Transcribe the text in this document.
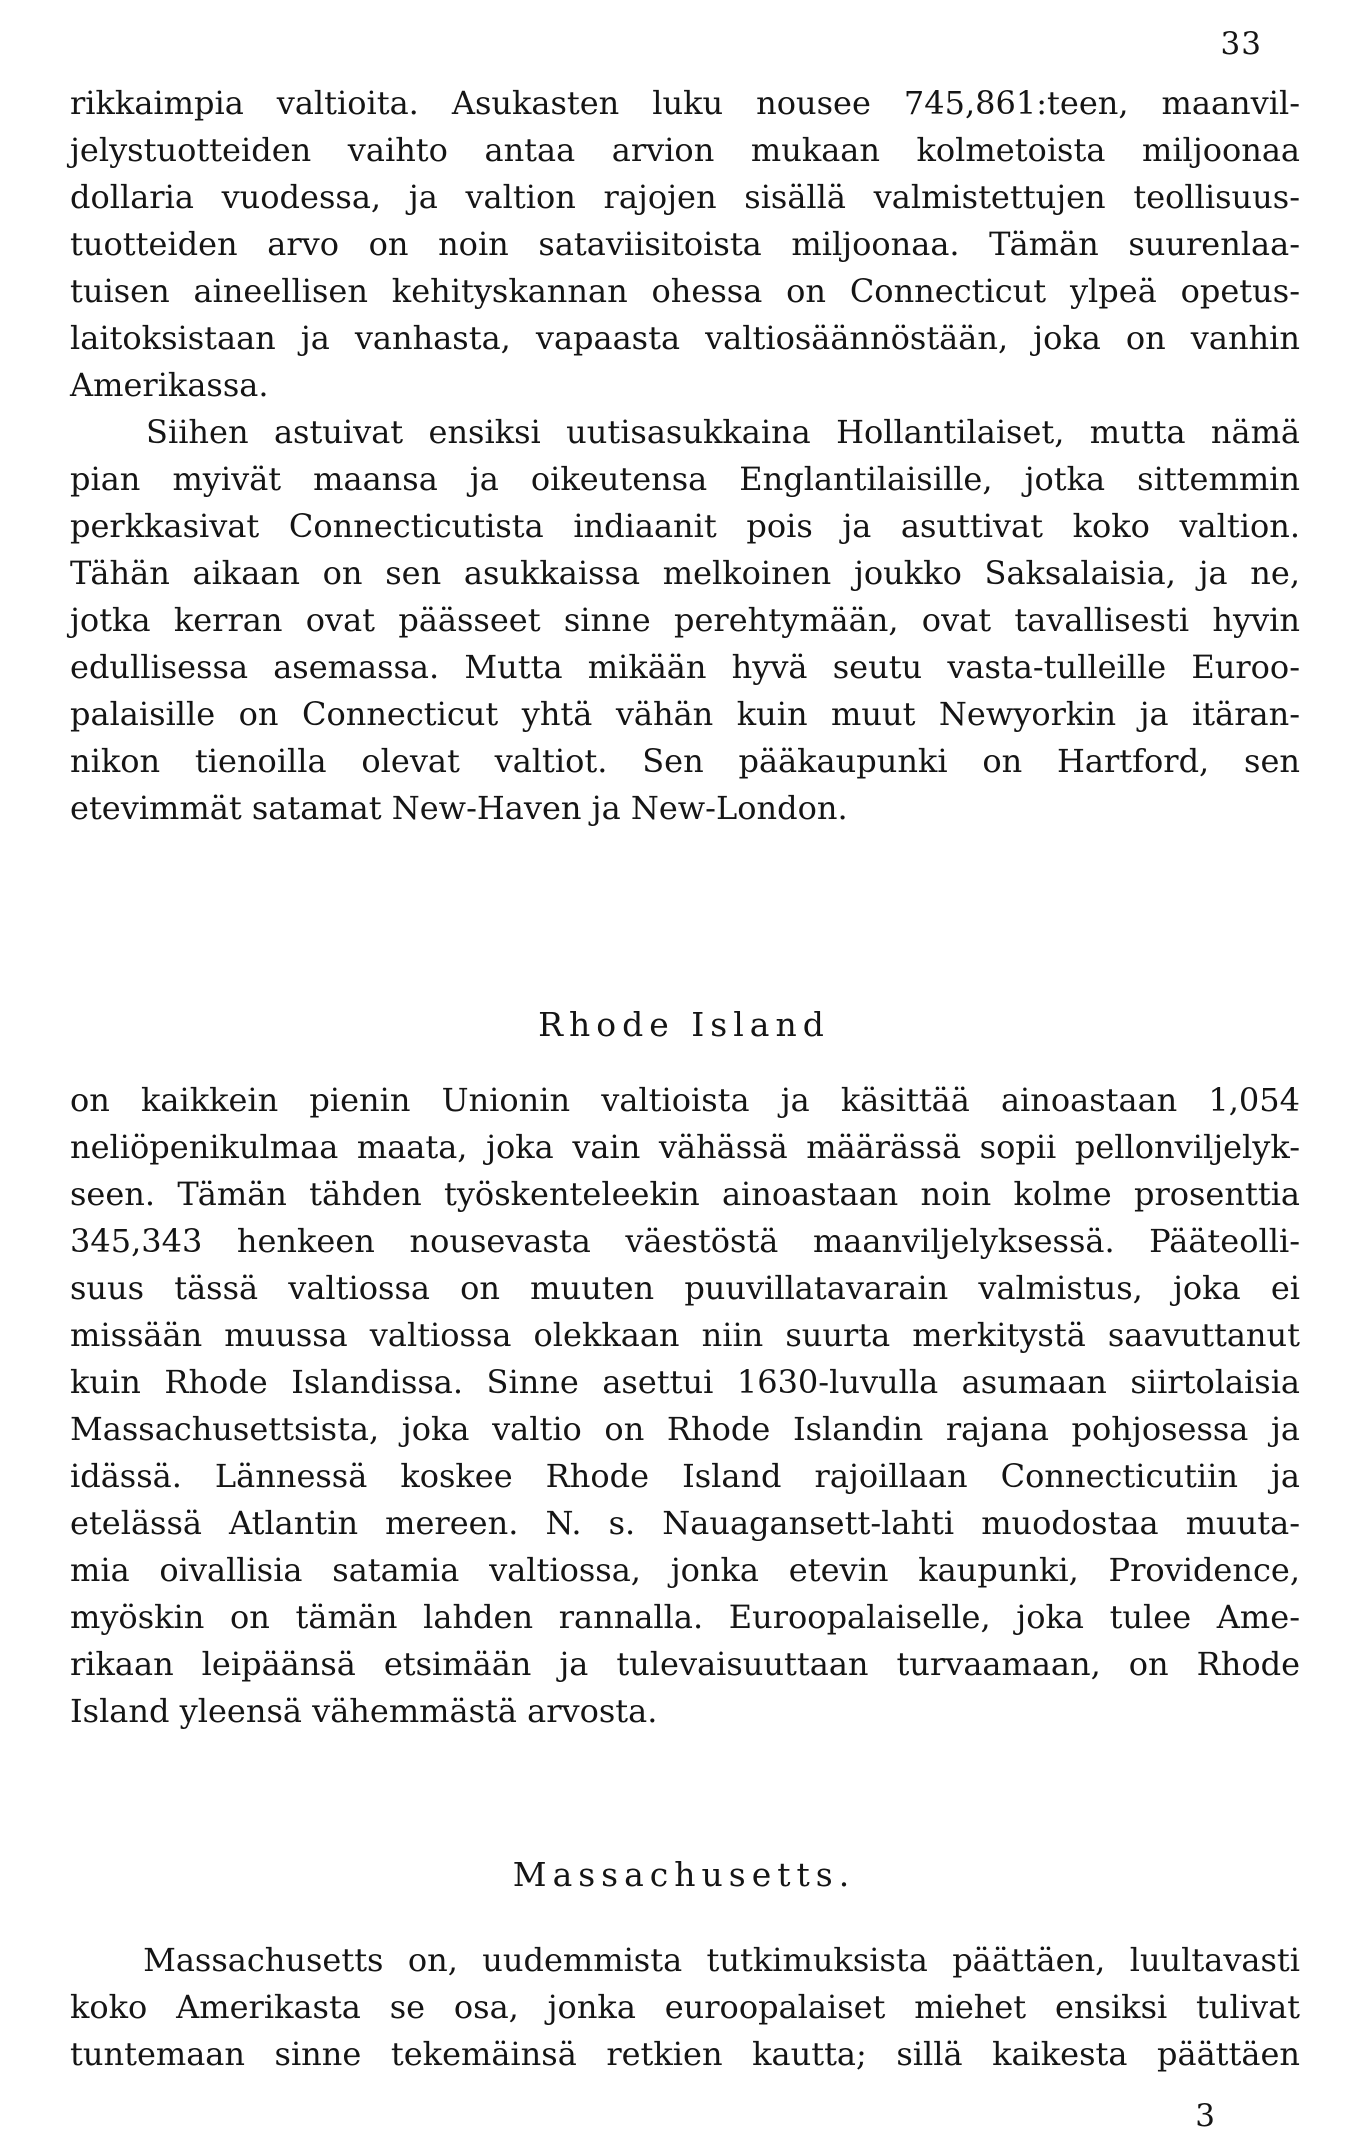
33
rikkaimpia valtioita. Asukasten luku nousee 745,861:teen, maanvil-
jelystuotteiden vaihto antaa arvion mukaan kolmetoista miljoonaa
dollaria vuodessa, ja valtion rajojen sisällä valmistettujen teollisuus-
tuotteiden arvo on noin sataviisitoista miljoonaa. Tämän suurenlaa-
tuisen aineellisen kehityskannan ohessa on Connecticut ylpeä opetus-
laitoksistaan ja vanhasta, vapaasta valtiosäännöstään, joka on vanhin
Amerikassa.
Siihen astuivat ensiksi uutisasukkaina Hollantilaiset, mutta nämä
pian myivät maansa ja oikeutensa Englantilaisille, jotka sittemmin
perkkasivat Connecticutista indiaanit pois ja asuttivat koko valtion.
Tähän aikaan on sen asukkaissa melkoinen joukko Saksalaisia, ja ne,
jotka kerran ovat päässeet sinne perehtymään, ovat tavallisesti hyvin
edullisessa asemassa. Mutta mikään hyvä seutu vasta-tulleille Euroo-
palaisille on Connecticut yhtä vähän kuin muut Newyorkin ja itäran-
nikon tienoilla olevat valtiot. Sen pääkaupunki on Hartford, sen
etevimmät satamat New-Haven ja New-London.
Rhode Island
on kaikkein pienin Unionin valtioista ja käsittää ainoastaan 1,054
neliöpenikulmaa maata, joka vain vähässä määrässä sopii pellonviljelyk-
seen. Tämän tähden työskenteleekin ainoastaan noin kolme prosenttia
345,343 henkeen nousevasta väestöstä maanviljelyksessä. Pääteolli-
suus tässä valtiossa on muuten puuvillatavarain valmistus, joka ei
missään muussa valtiossa olekkaan niin suurta merkitystä saavuttanut
kuin Rhode Islandissa. Sinne asettui 1630-luvulla asumaan siirtolaisia
Massachusettsista, joka valtio on Rhode Islandin rajana pohjosessa ja
idässä. Lännessä koskee Rhode Island rajoillaan Connecticutiin ja
etelässä Atlantin mereen. N. s. Nauagansett-lahti muodostaa muuta-
mia oivallisia satamia valtiossa, jonka etevin kaupunki, Providence,
myöskin on tämän lahden rannalla. Euroopalaiselle, joka tulee Ame-
rikaan leipäänsä etsimään ja tulevaisuuttaan turvaamaan, on Rhode
Island yleensä vähemmästä arvosta.
Massachusetts.
Massachusetts on, uudemmista tutkimuksista päättäen, luultavasti
koko Amerikasta se osa, jonka euroopalaiset miehet ensiksi tulivat
tuntemaan sinne tekemäinsä retkien kautta; sillä kaikesta päättäen
3
